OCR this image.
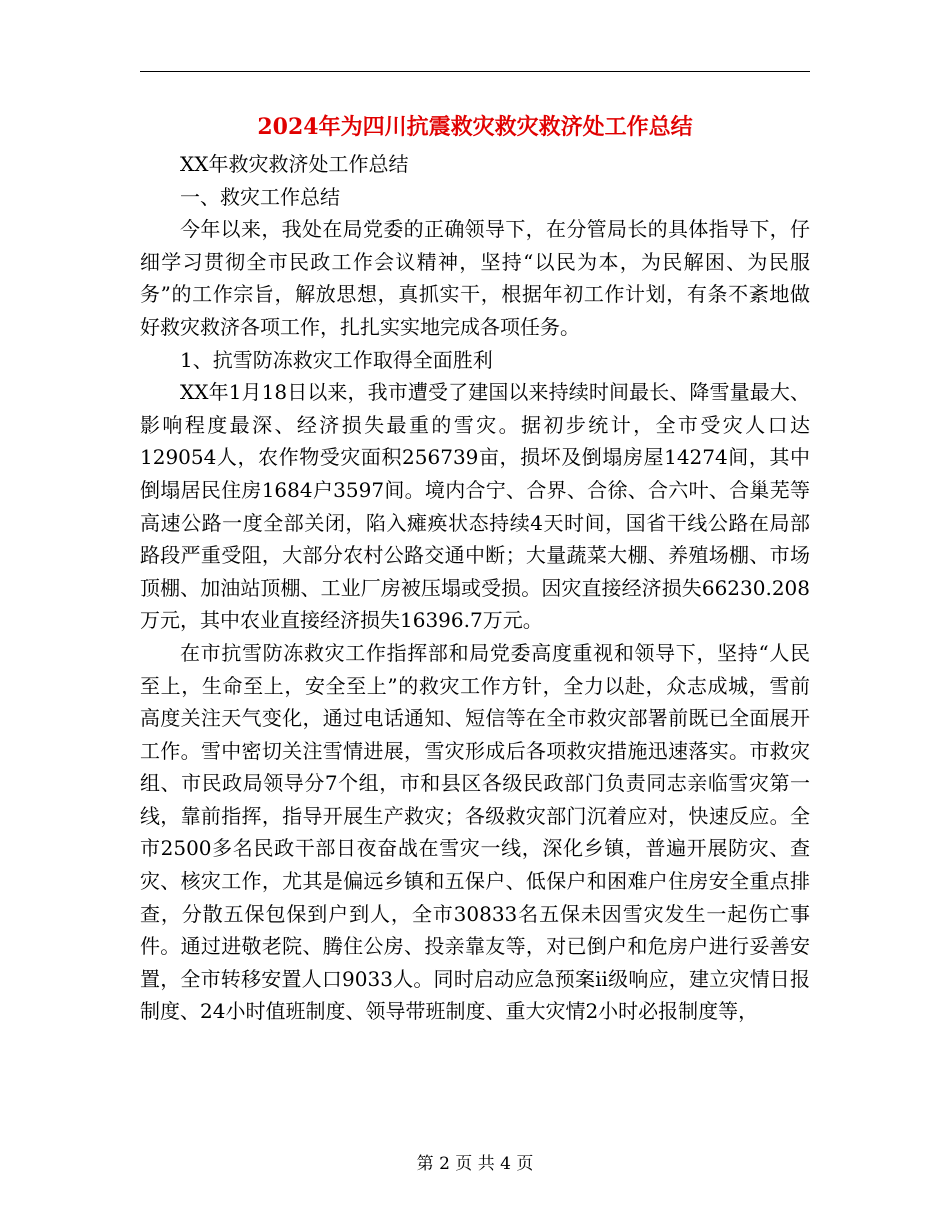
2024年为四川抗震救灾救灾救济处工作总结

XX年救灾救济处工作总结

一、救灾工作总结

今年以来，我处在局党委的正确领导下，在分管局长的具体指导下，仔细学习贯彻全市民政工作会议精神，坚持“以民为本，为民解困、为民服务”的工作宗旨，解放思想，真抓实干，根据年初工作计划，有条不紊地做好救灾救济各项工作，扎扎实实地完成各项任务。

1、抗雪防冻救灾工作取得全面胜利

XX年1月18日以来，我市遭受了建国以来持续时间最长、降雪量最大、影响程度最深、经济损失最重的雪灾。据初步统计，全市受灾人口达129054人，农作物受灾面积256739亩，损坏及倒塌房屋14274间，其中倒塌居民住房1684户3597间。境内合宁、合界、合徐、合六叶、合巢芜等高速公路一度全部关闭，陷入瘫痪状态持续4天时间，国省干线公路在局部路段严重受阻，大部分农村公路交通中断；大量蔬菜大棚、养殖场棚、市场顶棚、加油站顶棚、工业厂房被压塌或受损。因灾直接经济损失66230.208万元，其中农业直接经济损失16396.7万元。

在市抗雪防冻救灾工作指挥部和局党委高度重视和领导下，坚持“人民至上，生命至上，安全至上”的救灾工作方针，全力以赴，众志成城，雪前高度关注天气变化，通过电话通知、短信等在全市救灾部署前既已全面展开工作。雪中密切关注雪情进展，雪灾形成后各项救灾措施迅速落实。市救灾组、市民政局领导分7个组，市和县区各级民政部门负责同志亲临雪灾第一线，靠前指挥，指导开展生产救灾；各级救灾部门沉着应对，快速反应。全市2500多名民政干部日夜奋战在雪灾一线，深化乡镇，普遍开展防灾、查灾、核灾工作，尤其是偏远乡镇和五保户、低保户和困难户住房安全重点排查，分散五保包保到户到人，全市30833名五保未因雪灾发生一起伤亡事件。通过进敬老院、腾住公房、投亲靠友等，对已倒户和危房户进行妥善安置，全市转移安置人口9033人。同时启动应急预案ii级响应，建立灾情日报制度、24小时值班制度、领导带班制度、重大灾情2小时必报制度等，

第 2 页 共 4 页
